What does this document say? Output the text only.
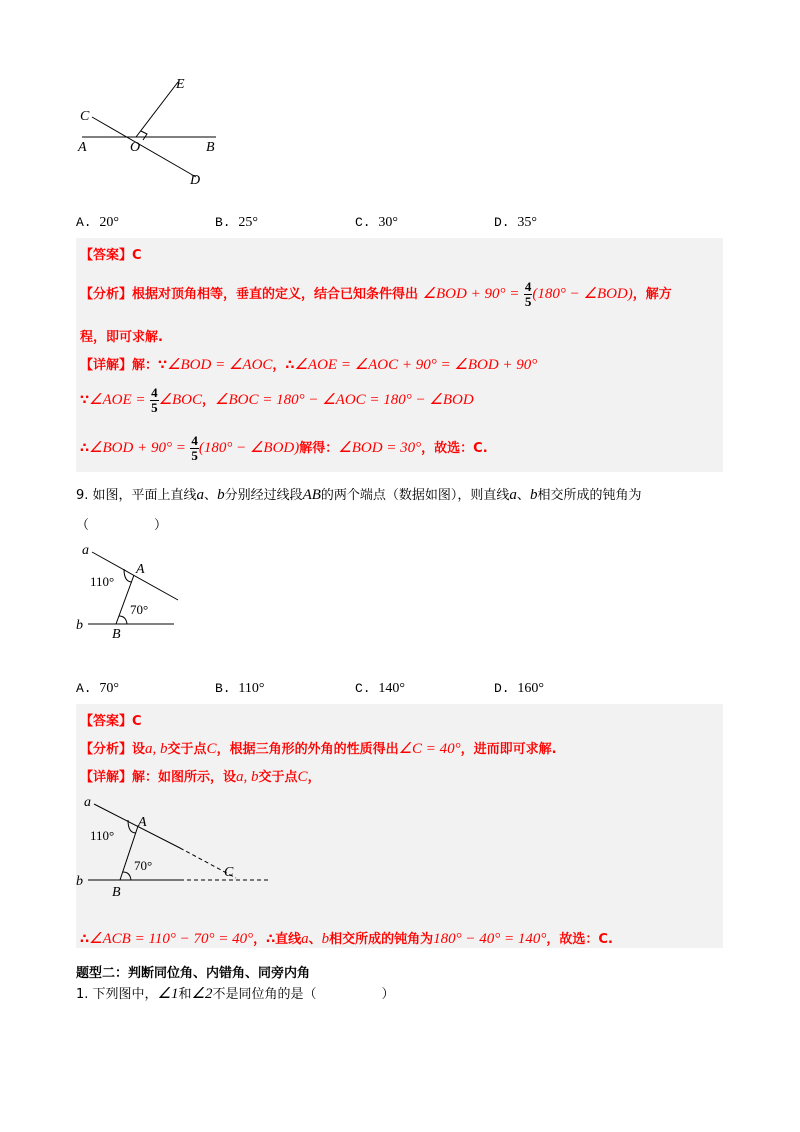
C
E
A	O	B
D
A. 20°	B. 25°	C. 30°	D. 35°
【答案】C
【分析】根据对顶角相等，垂直的定义，结合已知条件得出 ∠BOD + $90^\circ = \frac{4}{5} (180^\circ$ − ∠BOD)，解方
程，即可求解.
【详解】解：∵∠BOD = ∠AOC，∴∠AOE = ∠AOC + 90° = ∠BOD + 90°
∵∠AOE = $\frac{4}{5}$ ∠BOC，∠BOC = 180° − ∠AOC = 180° − ∠BOD
∴∠BOD + $90^\circ = \frac{4}{5} (180^\circ$ − ∠BOD)解得：∠BOD = 30°，故选：C.
9. 如图，平面上直线a、b分别经过线段AB的两个端点（数据如图），则直线a、b相交所成的钝角为
（　　　　　）
a
b
A
B
110°
70°
A. 70°	B. 110°	C. 140°	D. 160°
【答案】C
【分析】设a, b交于点C，根据三角形的外角的性质得出∠C = 40°，进而即可求解.
【详解】解：如图所示，设a, b交于点C，
a
b
A
B
C
110°
70°
∴∠ACB = 110° − 70° = 40°，∴直线a、b相交所成的钝角为180° − 40° = 140°，故选：C.
题型二：判断同位角、内错角、同旁内角
1. 下列图中，∠1和∠2不是同位角的是（　　　　　）
